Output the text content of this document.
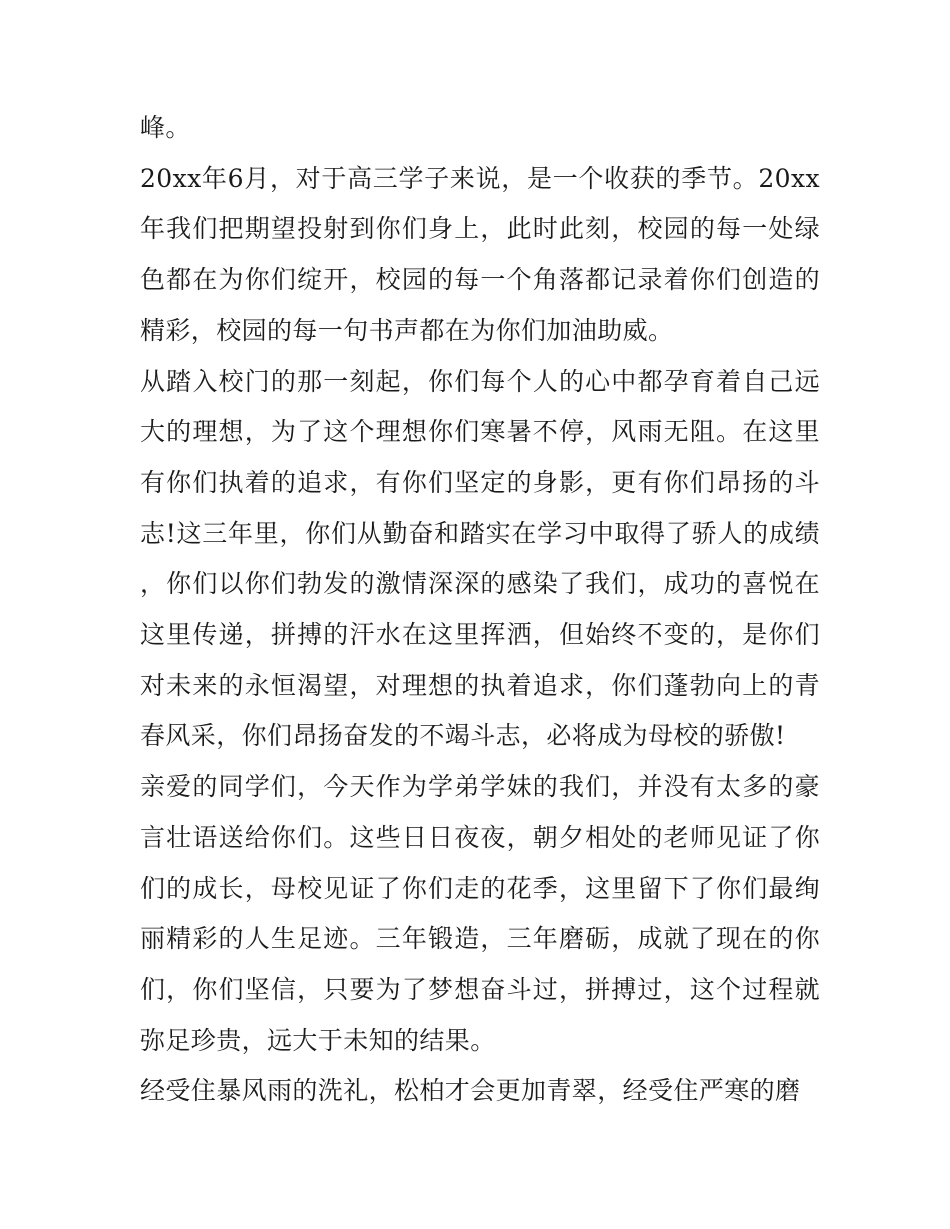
峰。

20xx年6月，对于高三学子来说，是一个收获的季节。20xx年我们把期望投射到你们身上，此时此刻，校园的每一处绿色都在为你们绽开，校园的每一个角落都记录着你们创造的精彩，校园的每一句书声都在为你们加油助威。

从踏入校门的那一刻起，你们每个人的心中都孕育着自己远大的理想，为了这个理想你们寒暑不停，风雨无阻。在这里有你们执着的追求，有你们坚定的身影，更有你们昂扬的斗志!这三年里，你们从勤奋和踏实在学习中取得了骄人的成绩，你们以你们勃发的激情深深的感染了我们，成功的喜悦在这里传递，拼搏的汗水在这里挥洒，但始终不变的，是你们对未来的永恒渴望，对理想的执着追求，你们蓬勃向上的青春风采，你们昂扬奋发的不竭斗志，必将成为母校的骄傲!

亲爱的同学们，今天作为学弟学妹的我们，并没有太多的豪言壮语送给你们。这些日日夜夜，朝夕相处的老师见证了你们的成长，母校见证了你们走的花季，这里留下了你们最绚丽精彩的人生足迹。三年锻造，三年磨砺，成就了现在的你们，你们坚信，只要为了梦想奋斗过，拼搏过，这个过程就弥足珍贵，远大于未知的结果。

经受住暴风雨的洗礼，松柏才会更加青翠，经受住严寒的磨
